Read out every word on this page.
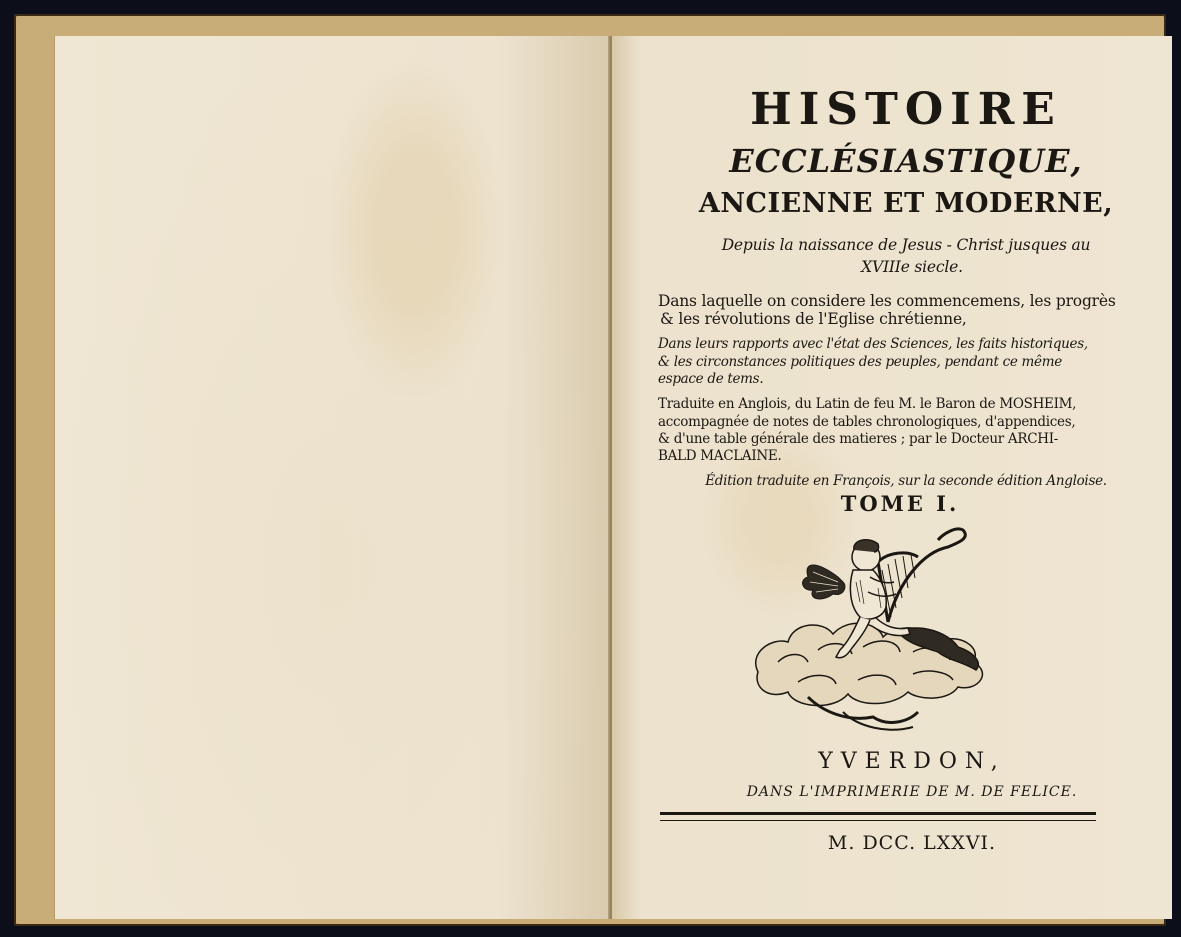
HISTOIRE
ECCLÉSIASTIQUE,
ANCIENNE ET MODERNE,
Depuis la naissance de Jesus - Christ jusques au
XVIIIe siecle.
Dans laquelle on considere les commencemens, les progrès
& les révolutions de l'Eglise chrétienne,
Dans leurs rapports avec l'état des Sciences, les faits historiques,
& les circonstances politiques des peuples, pendant ce même
espace de tems.
Traduite en Anglois, du Latin de feu M. le Baron de MOSHEIM,
accompagnée de notes de tables chronologiques, d'appendices,
& d'une table générale des matieres ; par le Docteur ARCHI-
BALD MACLAINE.
Édition traduite en François, sur la seconde édition Angloise.
TOME I.
YVERDON,
DANS L'IMPRIMERIE DE M. DE FELICE.
M. DCC. LXXVI.
